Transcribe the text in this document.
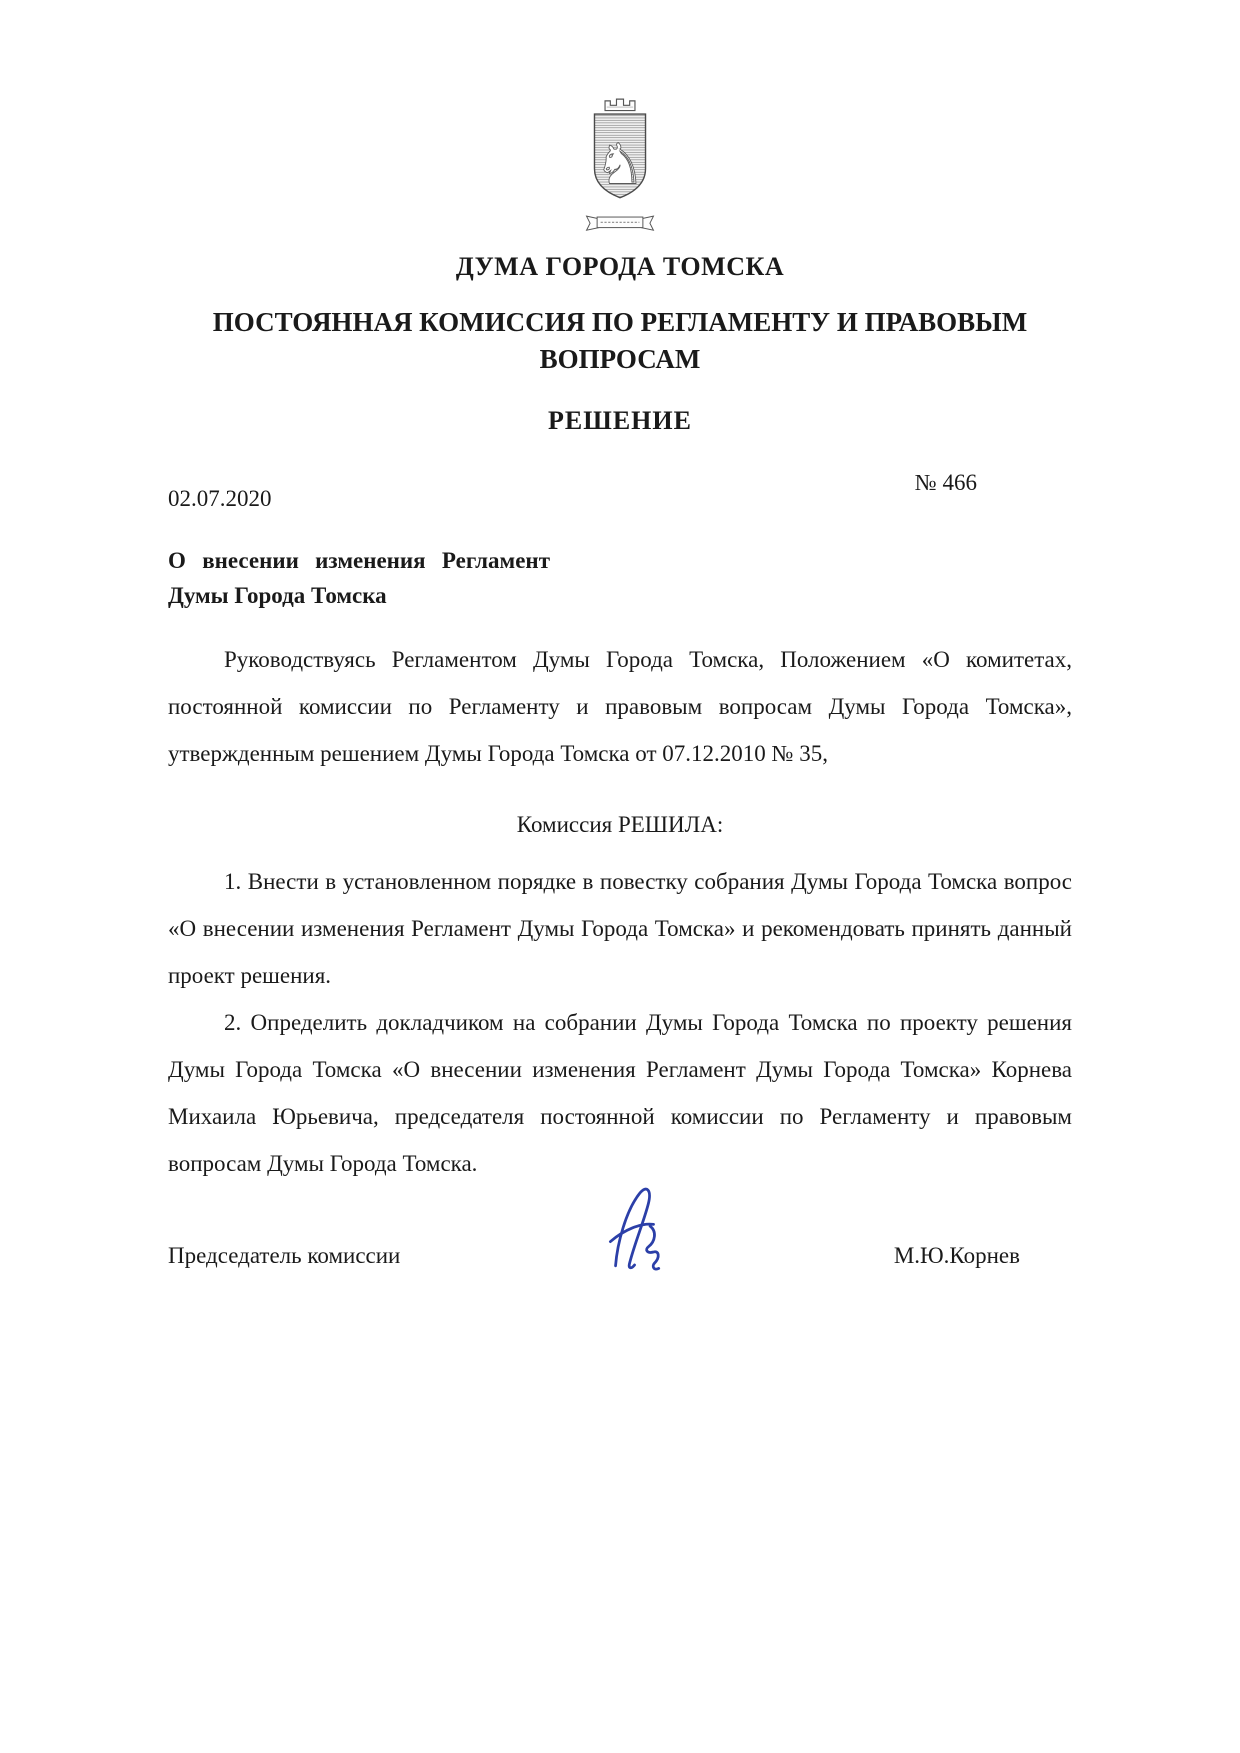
♞
ДУМА ГОРОДА ТОМСКА
ПОСТОЯННАЯ КОМИССИЯ ПО РЕГЛАМЕНТУ И ПРАВОВЫМ ВОПРОСАМ
РЕШЕНИЕ
02.07.2020
№ 466

О внесении изменения Регламент Думы Города Томска

Руководствуясь Регламентом Думы Города Томска, Положением «О комитетах, постоянной комиссии по Регламенту и правовым вопросам Думы Города Томска», утвержденным решением Думы Города Томска от 07.12.2010 № 35,

Комиссия РЕШИЛА:

1. Внести в установленном порядке в повестку собрания Думы Города Томска вопрос «О внесении изменения Регламент Думы Города Томска» и рекомендовать принять данный проект решения.

2. Определить докладчиком на собрании Думы Города Томска по проекту решения Думы Города Томска «О внесении изменения Регламент Думы Города Томска» Корнева Михаила Юрьевича, председателя постоянной комиссии по Регламенту и правовым вопросам Думы Города Томска.

Председатель комиссии	М.Ю.Корнев
